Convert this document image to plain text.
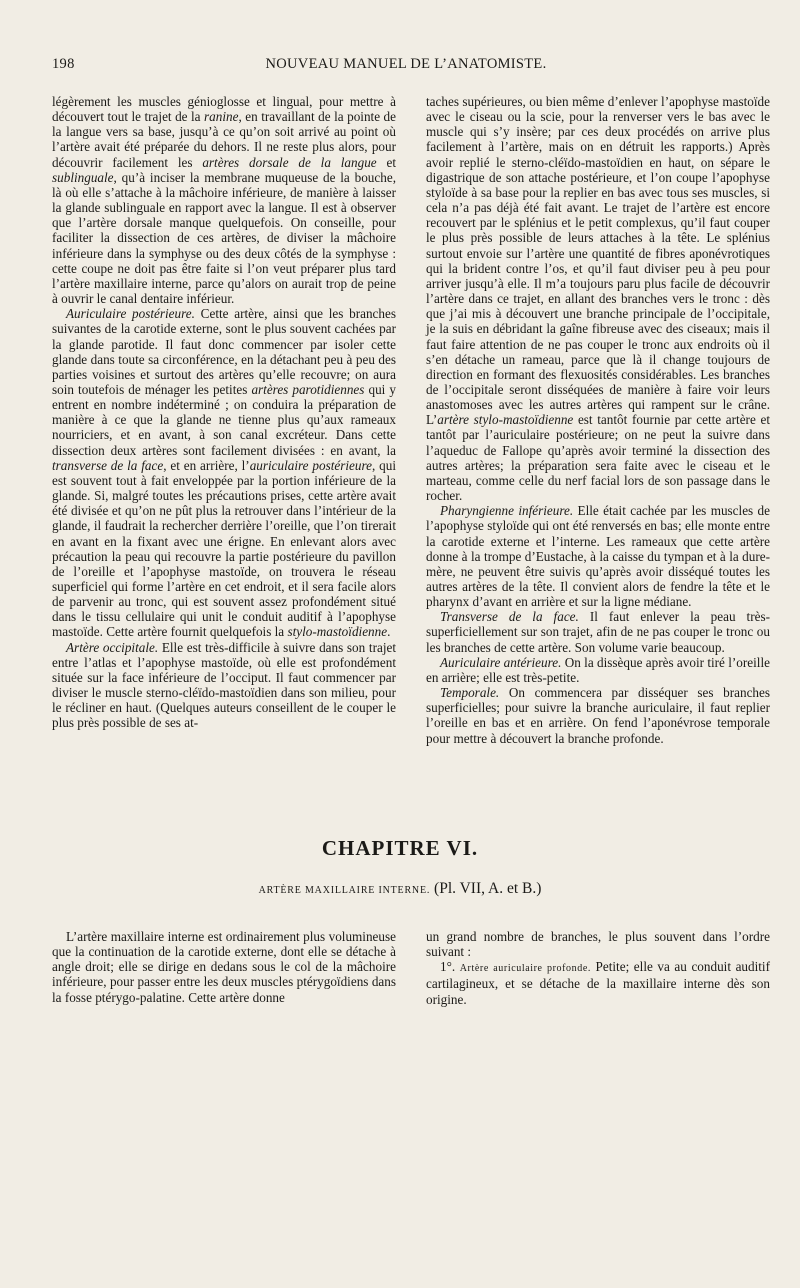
198	NOUVEAU MANUEL DE L’ANATOMISTE.

légèrement les muscles génioglosse et lingual, pour mettre à découvert tout le trajet de la ranine, en travaillant de la pointe de la langue vers sa base, jusqu’à ce qu’on soit arrivé au point où l’artère avait été préparée du dehors. Il ne reste plus alors, pour découvrir facilement les artères dorsale de la langue et sublinguale, qu’à inciser la membrane muqueuse de la bouche, là où elle s’attache à la mâchoire inférieure, de manière à laisser la glande sublinguale en rapport avec la langue. Il est à observer que l’artère dorsale manque quelquefois. On conseille, pour faciliter la dissection de ces artères, de diviser la mâchoire inférieure dans la symphyse ou des deux côtés de la symphyse : cette coupe ne doit pas être faite si l’on veut préparer plus tard l’artère maxillaire interne, parce qu’alors on aurait trop de peine à ouvrir le canal dentaire inférieur.

Auriculaire postérieure. Cette artère, ainsi que les branches suivantes de la carotide externe, sont le plus souvent cachées par la glande parotide. Il faut donc commencer par isoler cette glande dans toute sa circonférence, en la détachant peu à peu des parties voisines et surtout des artères qu’elle recouvre; on aura soin toutefois de ménager les petites artères parotidiennes qui y entrent en nombre indéterminé ; on conduira la préparation de manière à ce que la glande ne tienne plus qu’aux rameaux nourriciers, et en avant, à son canal excréteur. Dans cette dissection deux artères sont facilement divisées : en avant, la transverse de la face, et en arrière, l’auriculaire postérieure, qui est souvent tout à fait enveloppée par la portion inférieure de la glande. Si, malgré toutes les précautions prises, cette artère avait été divisée et qu’on ne pût plus la retrouver dans l’intérieur de la glande, il faudrait la rechercher derrière l’oreille, que l’on tirerait en avant en la fixant avec une érigne. En enlevant alors avec précaution la peau qui recouvre la partie postérieure du pavillon de l’oreille et l’apophyse mastoïde, on trouvera le réseau superficiel qui forme l’artère en cet endroit, et il sera facile alors de parvenir au tronc, qui est souvent assez profondément situé dans le tissu cellulaire qui unit le conduit auditif à l’apophyse mastoïde. Cette artère fournit quelquefois la stylo-mastoïdienne.

Artère occipitale. Elle est très-difficile à suivre dans son trajet entre l’atlas et l’apophyse mastoïde, où elle est profondément située sur la face inférieure de l’occiput. Il faut commencer par diviser le muscle sterno-cléïdo-mastoïdien dans son milieu, pour le récliner en haut. (Quelques auteurs conseillent de le couper le plus près possible de ses at-

taches supérieures, ou bien même d’enlever l’apophyse mastoïde avec le ciseau ou la scie, pour la renverser vers le bas avec le muscle qui s’y insère; par ces deux procédés on arrive plus facilement à l’artère, mais on en détruit les rapports.) Après avoir replié le sterno-cléïdo-mastoïdien en haut, on sépare le digastrique de son attache postérieure, et l’on coupe l’apophyse styloïde à sa base pour la replier en bas avec tous ses muscles, si cela n’a pas déjà été fait avant. Le trajet de l’artère est encore recouvert par le splénius et le petit complexus, qu’il faut couper le plus près possible de leurs attaches à la tête. Le splénius surtout envoie sur l’artère une quantité de fibres aponévrotiques qui la brident contre l’os, et qu’il faut diviser peu à peu pour arriver jusqu’à elle. Il m’a toujours paru plus facile de découvrir l’artère dans ce trajet, en allant des branches vers le tronc : dès que j’ai mis à découvert une branche principale de l’occipitale, je la suis en débridant la gaîne fibreuse avec des ciseaux; mais il faut faire attention de ne pas couper le tronc aux endroits où il s’en détache un rameau, parce que là il change toujours de direction en formant des flexuosités considérables. Les branches de l’occipitale seront disséquées de manière à faire voir leurs anastomoses avec les autres artères qui rampent sur le crâne. L’artère stylo-mastoïdienne est tantôt fournie par cette artère et tantôt par l’auriculaire postérieure; on ne peut la suivre dans l’aqueduc de Fallope qu’après avoir terminé la dissection des autres artères; la préparation sera faite avec le ciseau et le marteau, comme celle du nerf facial lors de son passage dans le rocher.

Pharyngienne inférieure. Elle était cachée par les muscles de l’apophyse styloïde qui ont été renversés en bas; elle monte entre la carotide externe et l’interne. Les rameaux que cette artère donne à la trompe d’Eustache, à la caisse du tympan et à la dure-mère, ne peuvent être suivis qu’après avoir disséqué toutes les autres artères de la tête. Il convient alors de fendre la tête et le pharynx d’avant en arrière et sur la ligne médiane.

Transverse de la face. Il faut enlever la peau très-superficiellement sur son trajet, afin de ne pas couper le tronc ou les branches de cette artère. Son volume varie beaucoup.

Auriculaire antérieure. On la dissèque après avoir tiré l’oreille en arrière; elle est très-petite.

Temporale. On commencera par disséquer ses branches superficielles; pour suivre la branche auriculaire, il faut replier l’oreille en bas et en arrière. On fend l’aponévrose temporale pour mettre à découvert la branche profonde.

CHAPITRE VI.
ARTÈRE MAXILLAIRE INTERNE. (Pl. VII, A. et B.)

L’artère maxillaire interne est ordinairement plus volumineuse que la continuation de la carotide externe, dont elle se détache à angle droit; elle se dirige en dedans sous le col de la mâchoire inférieure, pour passer entre les deux muscles ptérygoïdiens dans la fosse ptérygo-palatine. Cette artère donne

un grand nombre de branches, le plus souvent dans l’ordre suivant :

1°. Artère auriculaire profonde. Petite; elle va au conduit auditif cartilagineux, et se détache de la maxillaire interne dès son origine.
